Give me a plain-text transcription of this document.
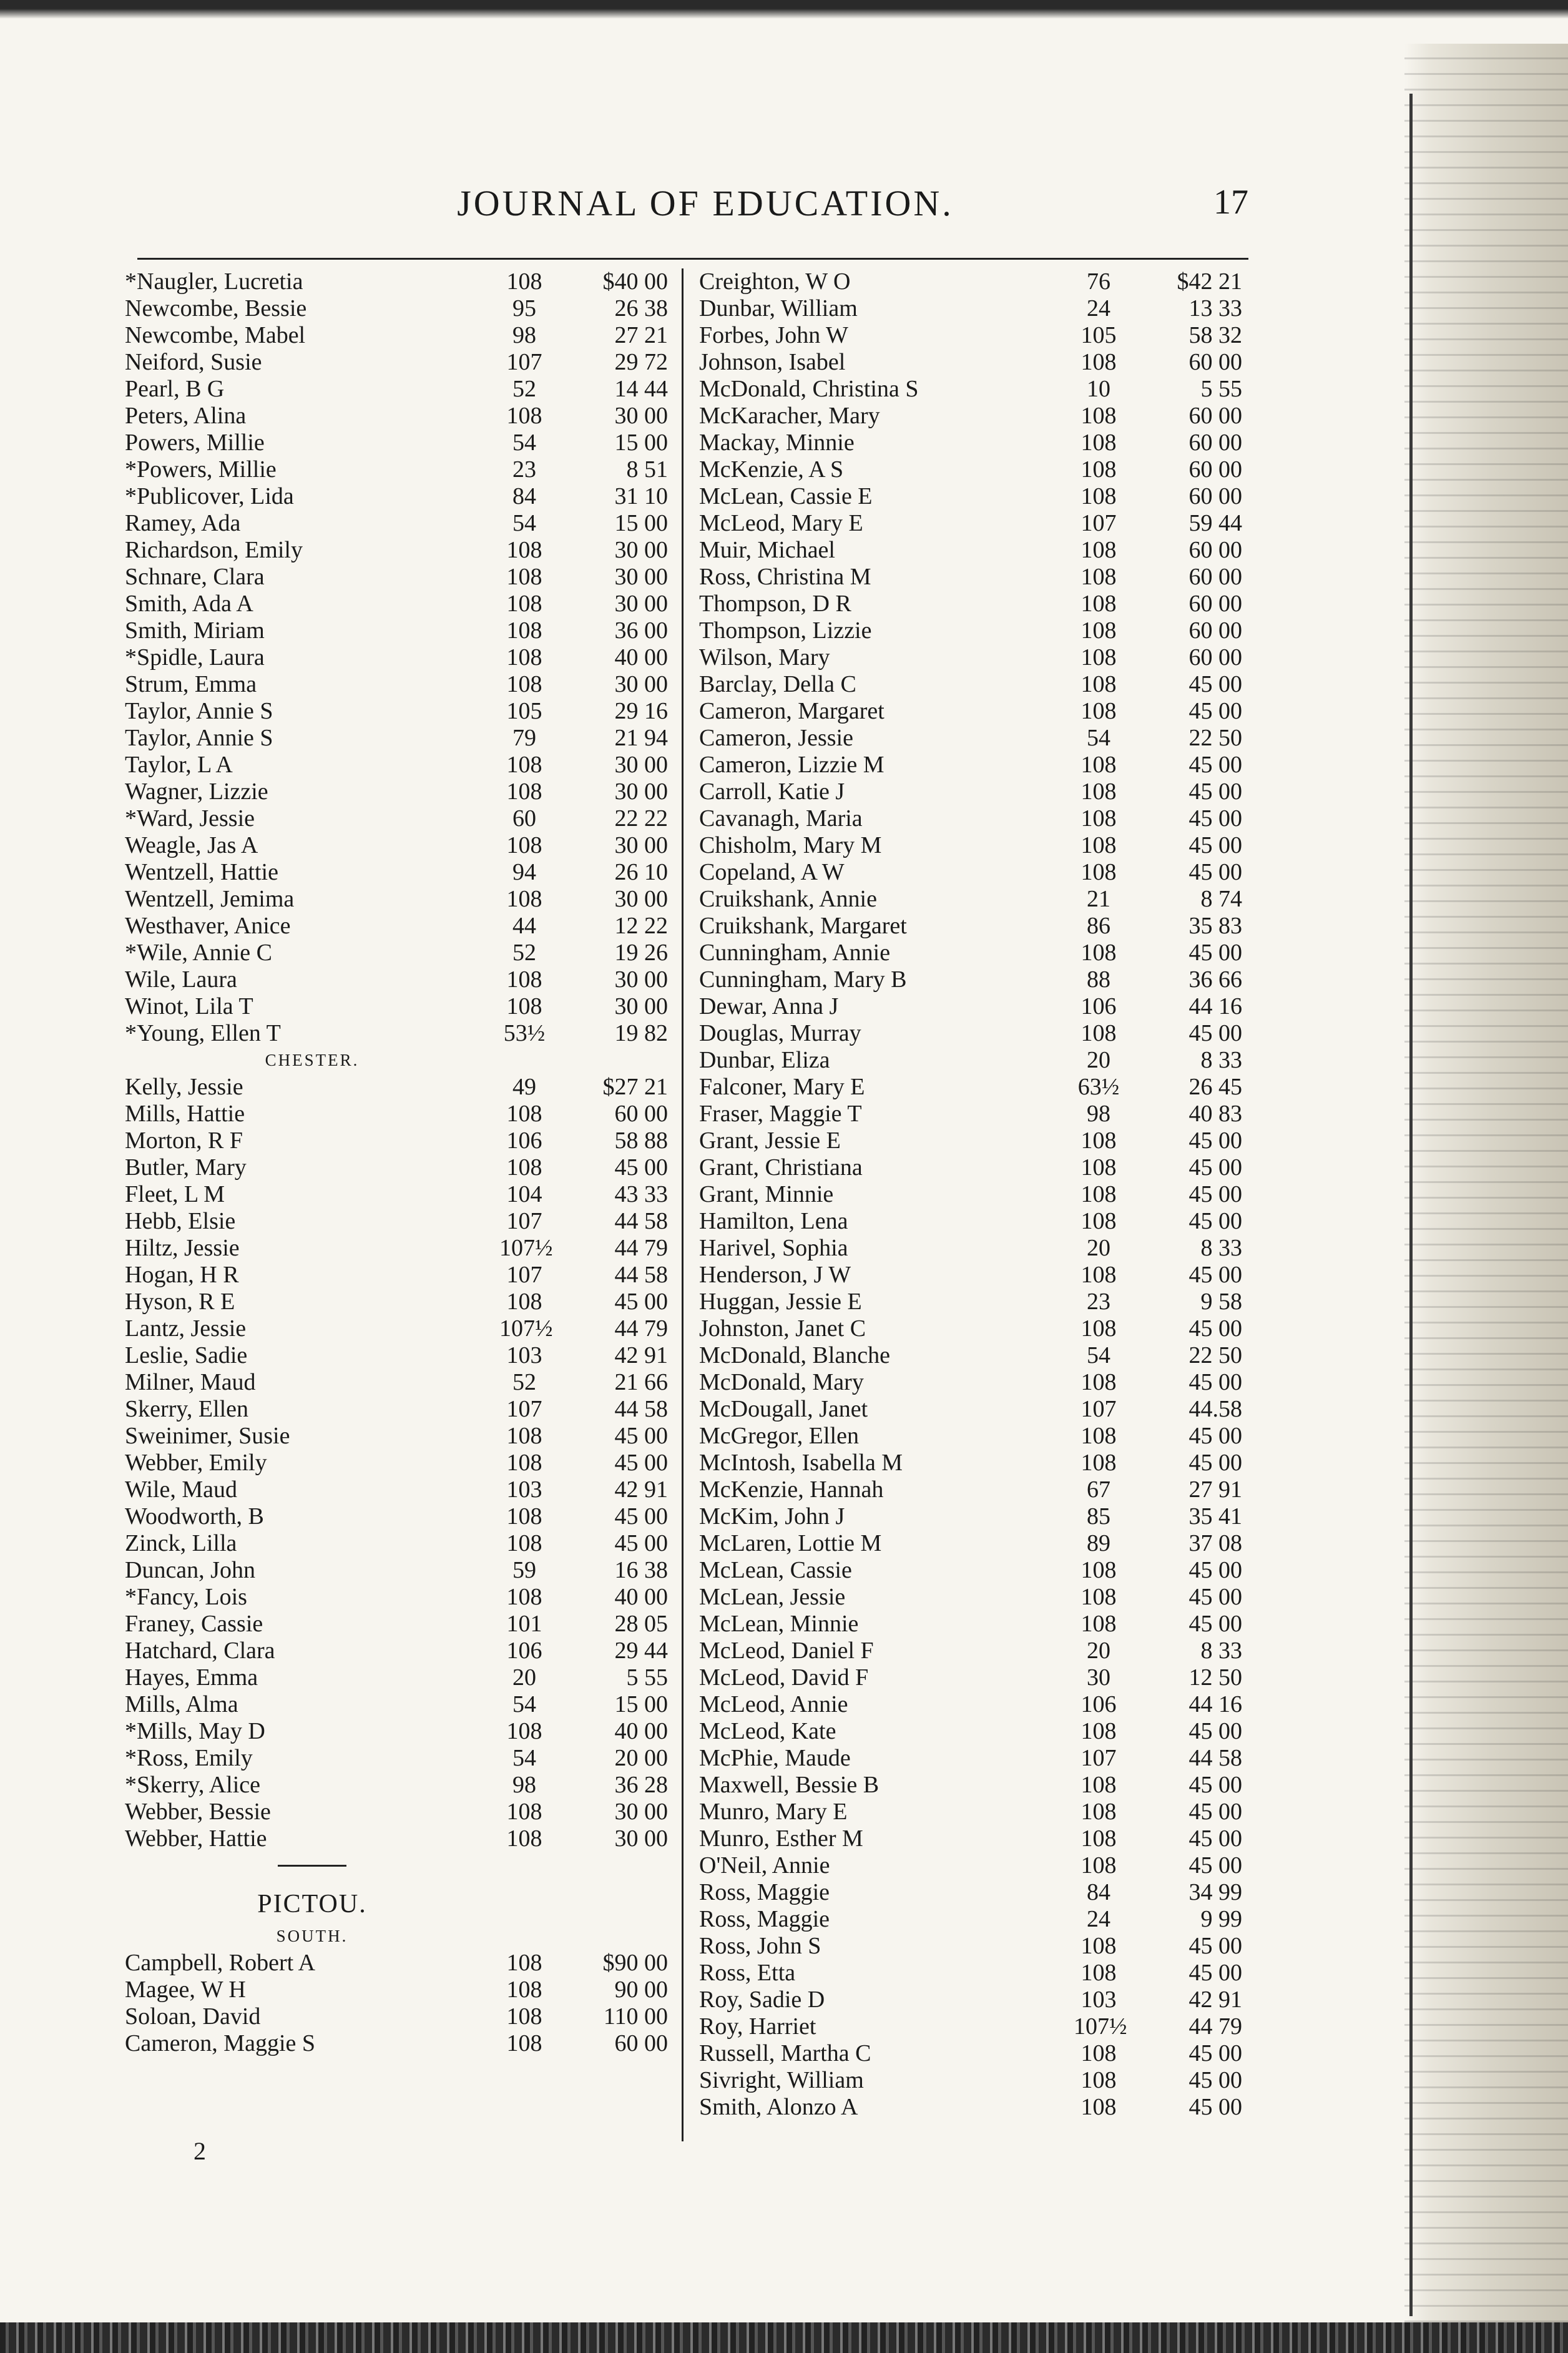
JOURNAL OF EDUCATION.	17
*Naugler, Lucretia	108	$40 00
Newcombe, Bessie	95	26 38
Newcombe, Mabel	98	27 21
Neiford, Susie	107	29 72
Pearl, B G	52	14 44
Peters, Alina	108	30 00
Powers, Millie	54	15 00
*Powers, Millie	23	8 51
*Publicover, Lida	84	31 10
Ramey, Ada	54	15 00
Richardson, Emily	108	30 00
Schnare, Clara	108	30 00
Smith, Ada A	108	30 00
Smith, Miriam	108	36 00
*Spidle, Laura	108	40 00
Strum, Emma	108	30 00
Taylor, Annie S	105	29 16
Taylor, Annie S	79	21 94
Taylor, L A	108	30 00
Wagner, Lizzie	108	30 00
*Ward, Jessie	60	22 22
Weagle, Jas A	108	30 00
Wentzell, Hattie	94	26 10
Wentzell, Jemima	108	30 00
Westhaver, Anice	44	12 22
*Wile, Annie C	52	19 26
Wile, Laura	108	30 00
Winot, Lila T	108	30 00
*Young, Ellen T	53½	19 82
CHESTER.
Kelly, Jessie	49	$27 21
Mills, Hattie	108	60 00
Morton, R F	106	58 88
Butler, Mary	108	45 00
Fleet, L M	104	43 33
Hebb, Elsie	107	44 58
Hiltz, Jessie	107½	44 79
Hogan, H R	107	44 58
Hyson, R E	108	45 00
Lantz, Jessie	107½	44 79
Leslie, Sadie	103	42 91
Milner, Maud	52	21 66
Skerry, Ellen	107	44 58
Sweinimer, Susie	108	45 00
Webber, Emily	108	45 00
Wile, Maud	103	42 91
Woodworth, B	108	45 00
Zinck, Lilla	108	45 00
Duncan, John	59	16 38
*Fancy, Lois	108	40 00
Franey, Cassie	101	28 05
Hatchard, Clara	106	29 44
Hayes, Emma	20	5 55
Mills, Alma	54	15 00
*Mills, May D	108	40 00
*Ross, Emily	54	20 00
*Skerry, Alice	98	36 28
Webber, Bessie	108	30 00
Webber, Hattie	108	30 00
PICTOU.
SOUTH.
Campbell, Robert A	108	$90 00
Magee, W H	108	90 00
Soloan, David	108	110 00
Cameron, Maggie S	108	60 00
Creighton, W O	76	$42 21
Dunbar, William	24	13 33
Forbes, John W	105	58 32
Johnson, Isabel	108	60 00
McDonald, Christina S	10	5 55
McKaracher, Mary	108	60 00
Mackay, Minnie	108	60 00
McKenzie, A S	108	60 00
McLean, Cassie E	108	60 00
McLeod, Mary E	107	59 44
Muir, Michael	108	60 00
Ross, Christina M	108	60 00
Thompson, D R	108	60 00
Thompson, Lizzie	108	60 00
Wilson, Mary	108	60 00
Barclay, Della C	108	45 00
Cameron, Margaret	108	45 00
Cameron, Jessie	54	22 50
Cameron, Lizzie M	108	45 00
Carroll, Katie J	108	45 00
Cavanagh, Maria	108	45 00
Chisholm, Mary M	108	45 00
Copeland, A W	108	45 00
Cruikshank, Annie	21	8 74
Cruikshank, Margaret	86	35 83
Cunningham, Annie	108	45 00
Cunningham, Mary B	88	36 66
Dewar, Anna J	106	44 16
Douglas, Murray	108	45 00
Dunbar, Eliza	20	8 33
Falconer, Mary E	63½	26 45
Fraser, Maggie T	98	40 83
Grant, Jessie E	108	45 00
Grant, Christiana	108	45 00
Grant, Minnie	108	45 00
Hamilton, Lena	108	45 00
Harivel, Sophia	20	8 33
Henderson, J W	108	45 00
Huggan, Jessie E	23	9 58
Johnston, Janet C	108	45 00
McDonald, Blanche	54	22 50
McDonald, Mary	108	45 00
McDougall, Janet	107	44.58
McGregor, Ellen	108	45 00
McIntosh, Isabella M	108	45 00
McKenzie, Hannah	67	27 91
McKim, John J	85	35 41
McLaren, Lottie M	89	37 08
McLean, Cassie	108	45 00
McLean, Jessie	108	45 00
McLean, Minnie	108	45 00
McLeod, Daniel F	20	8 33
McLeod, David F	30	12 50
McLeod, Annie	106	44 16
McLeod, Kate	108	45 00
McPhie, Maude	107	44 58
Maxwell, Bessie B	108	45 00
Munro, Mary E	108	45 00
Munro, Esther M	108	45 00
O'Neil, Annie	108	45 00
Ross, Maggie	84	34 99
Ross, Maggie	24	9 99
Ross, John S	108	45 00
Ross, Etta	108	45 00
Roy, Sadie D	103	42 91
Roy, Harriet	107½	44 79
Russell, Martha C	108	45 00
Sivright, William	108	45 00
Smith, Alonzo A	108	45 00
2
